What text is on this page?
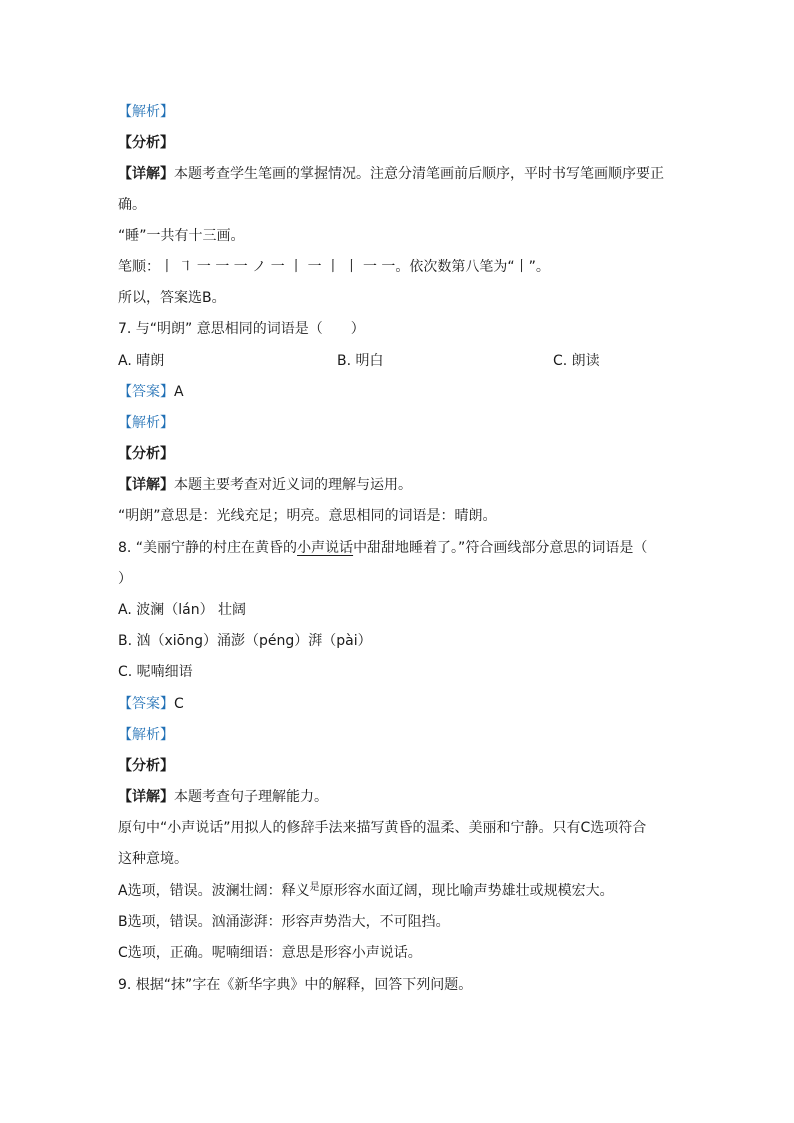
【解析】
【分析】
【详解】本题考查学生笔画的掌握情况。注意分清笔画前后顺序，平时书写笔画顺序要正
确。
“睡”一共有十三画。
笔顺：丨 ㇕ 一 一 一 ノ 一 丨 一 丨 丨 一 一。依次数第八笔为“丨”。
所以，答案选B。
7. 与“明朗” 意思相同的词语是（　　）
A. 晴朗	B. 明白	C. 朗读
【答案】A
【解析】
【分析】
【详解】本题主要考查对近义词的理解与运用。
“明朗”意思是：光线充足；明亮。意思相同的词语是：晴朗。
8. “美丽宁静的村庄在黄昏的小声说话中甜甜地睡着了。”符合画线部分意思的词语是（
）
A. 波澜（lán） 壮阔
B. 汹（xiōng）涌澎（péng）湃（pài）
C. 呢喃细语
【答案】C
【解析】
【分析】
【详解】本题考查句子理解能力。
原句中“小声说话”用拟人的修辞手法来描写黄昏的温柔、美丽和宁静。只有C选项符合
这种意境。
A选项，错误。波澜壮阔：释义$^是$原形容水面辽阔，现比喻声势雄壮或规模宏大。
B选项，错误。汹涌澎湃：形容声势浩大，不可阻挡。
C选项，正确。呢喃细语：意思是形容小声说话。
9. 根据“抹”字在《新华字典》中的解释，回答下列问题。
